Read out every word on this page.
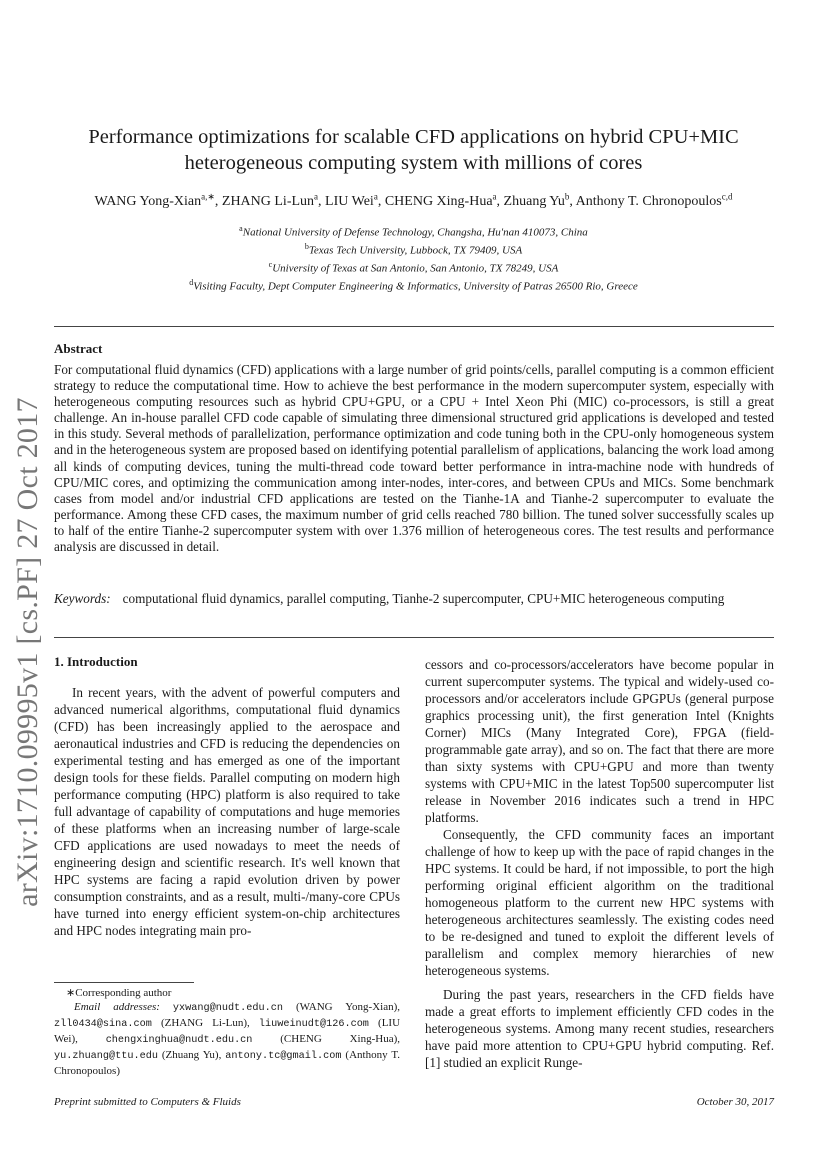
arXiv:1710.09995v1 [cs.PF] 27 Oct 2017
Performance optimizations for scalable CFD applications on hybrid CPU+MIC heterogeneous computing system with millions of cores
WANG Yong-Xian$^{a,∗}$, ZHANG Li-Lun$^a$, LIU Wei$^a$, CHENG Xing-Hua$^a$, Zhuang Yu$^b$, Anthony T. Chronopoulos$^{c,d}$
$^a$National University of Defense Technology, Changsha, Hu'nan 410073, China
$^b$Texas Tech University, Lubbock, TX 79409, USA
$^c$University of Texas at San Antonio, San Antonio, TX 78249, USA
$^d$Visiting Faculty, Dept Computer Engineering & Informatics, University of Patras 26500 Rio, Greece
Abstract
For computational fluid dynamics (CFD) applications with a large number of grid points/cells, parallel computing is a common efficient strategy to reduce the computational time. How to achieve the best performance in the modern supercomputer system, especially with heterogeneous computing resources such as hybrid CPU+GPU, or a CPU + Intel Xeon Phi (MIC) co-processors, is still a great challenge. An in-house parallel CFD code capable of simulating three dimensional structured grid applications is developed and tested in this study. Several methods of parallelization, performance optimization and code tuning both in the CPU-only homogeneous system and in the heterogeneous system are proposed based on identifying potential parallelism of applications, balancing the work load among all kinds of computing devices, tuning the multi-thread code toward better performance in intra-machine node with hundreds of CPU/MIC cores, and optimizing the communication among inter-nodes, inter-cores, and between CPUs and MICs. Some benchmark cases from model and/or industrial CFD applications are tested on the Tianhe-1A and Tianhe-2 supercomputer to evaluate the performance. Among these CFD cases, the maximum number of grid cells reached 780 billion. The tuned solver successfully scales up to half of the entire Tianhe-2 supercomputer system with over 1.376 million of heterogeneous cores. The test results and performance analysis are discussed in detail.
Keywords: computational fluid dynamics, parallel computing, Tianhe-2 supercomputer, CPU+MIC heterogeneous computing
1. Introduction

In recent years, with the advent of powerful computers and advanced numerical algorithms, computational fluid dynamics (CFD) has been increasingly applied to the aerospace and aeronautical industries and CFD is reducing the dependencies on experimental testing and has emerged as one of the important design tools for these fields. Parallel computing on modern high performance computing (HPC) platform is also required to take full advantage of capability of computations and huge memories of these platforms when an increasing number of large-scale CFD applications are used nowadays to meet the needs of engineering design and scientific research. It's well known that HPC systems are facing a rapid evolution driven by power consumption constraints, and as a result, multi-/many-core CPUs have turned into energy efficient system-on-chip architectures and HPC nodes integrating main pro-

cessors and co-processors/accelerators have become popular in current supercomputer systems. The typical and widely-used co-processors and/or accelerators include GPGPUs (general purpose graphics processing unit), the first generation Intel (Knights Corner) MICs (Many Integrated Core), FPGA (field-programmable gate array), and so on. The fact that there are more than sixty systems with CPU+GPU and more than twenty systems with CPU+MIC in the latest Top500 supercomputer list release in November 2016 indicates such a trend in HPC platforms.

Consequently, the CFD community faces an important challenge of how to keep up with the pace of rapid changes in the HPC systems. It could be hard, if not impossible, to port the high performing original efficient algorithm on the traditional homogeneous platform to the current new HPC systems with heterogeneous architectures seamlessly. The existing codes need to be re-designed and tuned to exploit the different levels of parallelism and complex memory hierarchies of new heterogeneous systems.

During the past years, researchers in the CFD fields have made a great efforts to implement efficiently CFD codes in the heterogeneous systems. Among many recent studies, researchers have paid more attention to CPU+GPU hybrid computing. Ref. [1] studied an explicit Runge-

∗Corresponding author
Email addresses: yxwang@nudt.edu.cn (WANG Yong-Xian), zll0434@sina.com (ZHANG Li-Lun), liuweinudt@126.com (LIU Wei),	chengxinghua@nudt.edu.cn	(CHENG Xing-Hua), yu.zhuang@ttu.edu (Zhuang Yu), antony.tc@gmail.com (Anthony T. Chronopoulos)
Preprint submitted to Computers & Fluids	October 30, 2017
